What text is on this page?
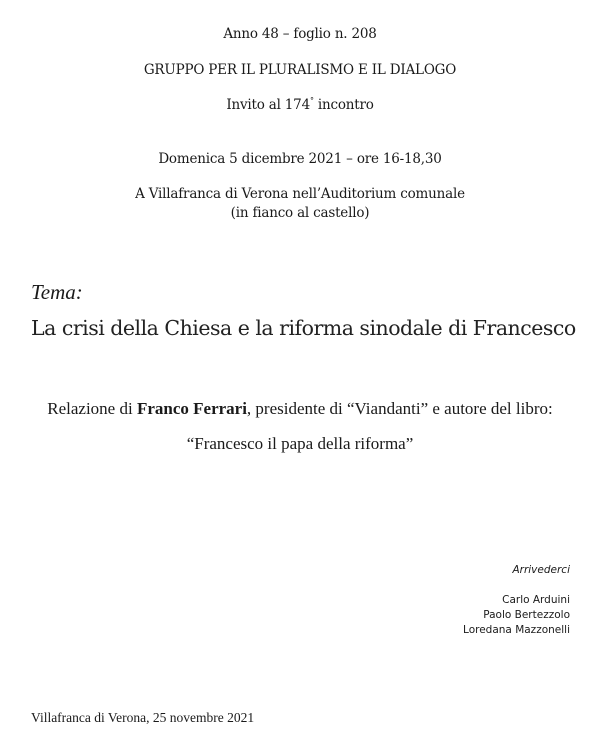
Anno 48 – foglio n. 208
GRUPPO PER IL PLURALISMO E IL DIALOGO
Invito al 174° incontro
Domenica 5 dicembre 2021 – ore 16-18,30
A Villafranca di Verona nell’Auditorium comunale
(in fianco al castello)
Tema:
La crisi della Chiesa e la riforma sinodale di Francesco
Relazione di Franco Ferrari, presidente di “Viandanti” e autore del libro:
“Francesco il papa della riforma”
Arrivederci
Carlo Arduini
Paolo Bertezzolo
Loredana Mazzonelli
Villafranca di Verona, 25 novembre 2021
